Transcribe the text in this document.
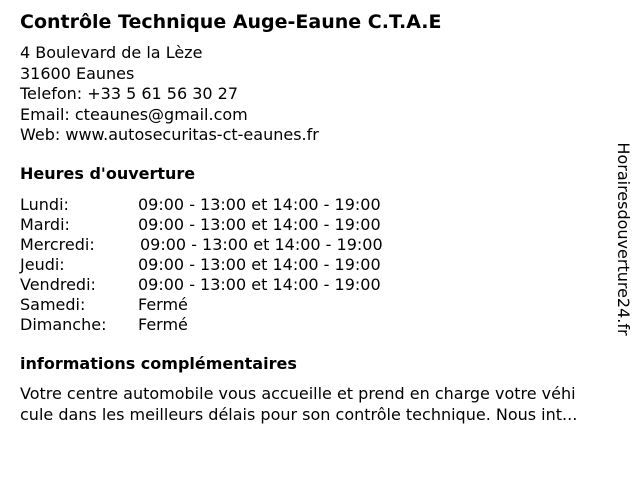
Contrôle Technique Auge-Eaune C.T.A.E
4 Boulevard de la Lèze
31600 Eaunes
Telefon: +33 5 61 56 30 27
Email: cteaunes@gmail.com
Web: www.autosecuritas-ct-eaunes.fr
Heures d'ouverture
Lundi:	09:00 - 13:00 et 14:00 - 19:00
Mardi:	09:00 - 13:00 et 14:00 - 19:00
Mercredi:	09:00 - 13:00 et 14:00 - 19:00
Jeudi:	09:00 - 13:00 et 14:00 - 19:00
Vendredi:	09:00 - 13:00 et 14:00 - 19:00
Samedi:	Fermé
Dimanche: Fermé
informations complémentaires
Votre centre automobile vous accueille et prend en charge votre véhi
cule dans les meilleurs délais pour son contrôle technique. Nous int...
Horairesdouverture24.fr
